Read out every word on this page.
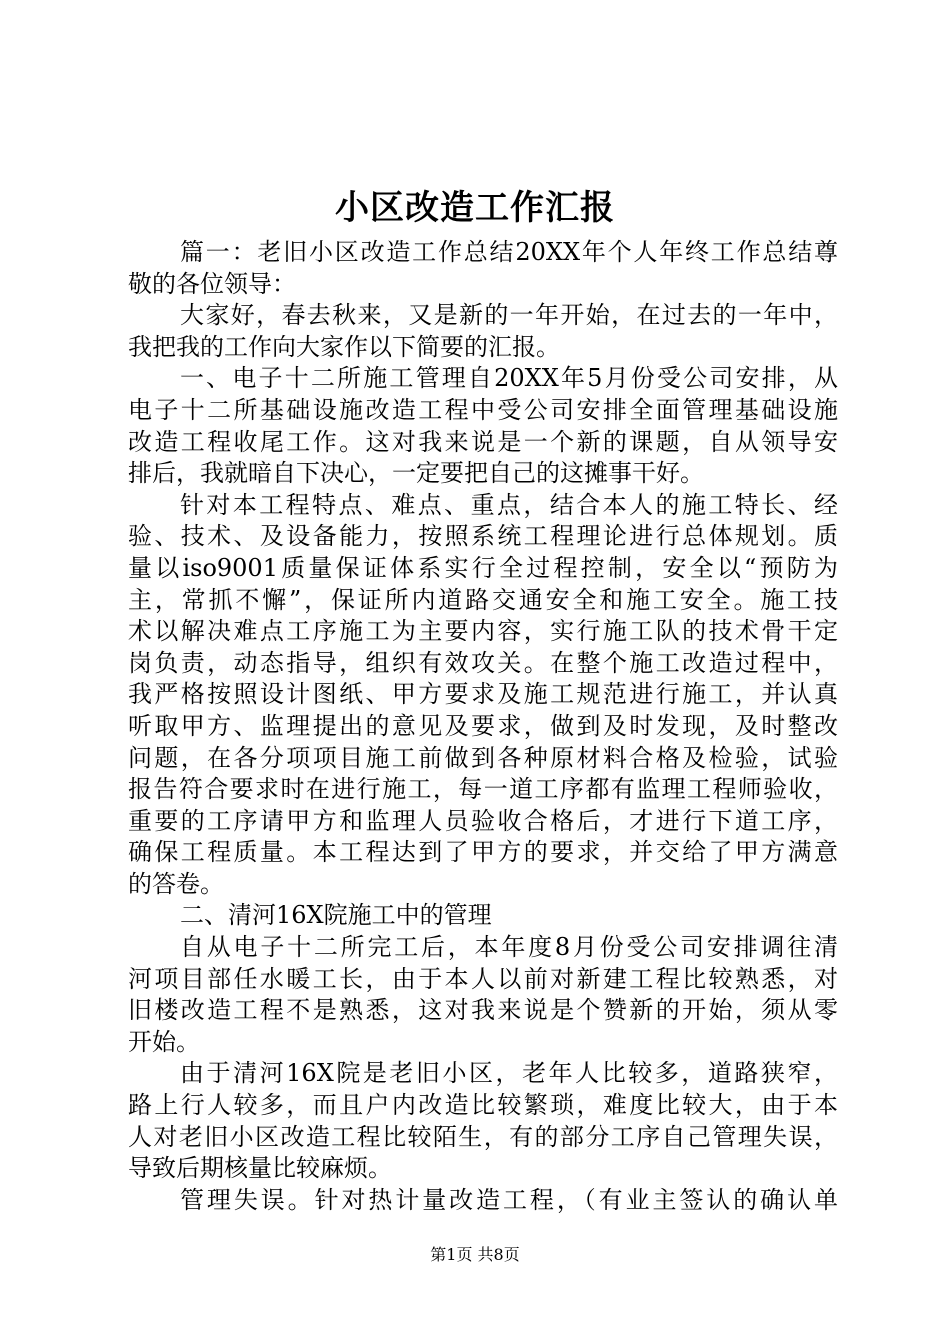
小区改造工作汇报
篇一：老旧小区改造工作总结20XX年个人年终工作总结尊
敬的各位领导：
大家好，春去秋来，又是新的一年开始，在过去的一年中，
我把我的工作向大家作以下简要的汇报。
一、电子十二所施工管理自20XX年5月份受公司安排，从
电子十二所基础设施改造工程中受公司安排全面管理基础设施
改造工程收尾工作。这对我来说是一个新的课题，自从领导安
排后，我就暗自下决心，一定要把自己的这摊事干好。
针对本工程特点、难点、重点，结合本人的施工特长、经
验、技术、及设备能力，按照系统工程理论进行总体规划。质
量以iso9001质量保证体系实行全过程控制，安全以“预防为
主，常抓不懈”，保证所内道路交通安全和施工安全。施工技
术以解决难点工序施工为主要内容，实行施工队的技术骨干定
岗负责，动态指导，组织有效攻关。在整个施工改造过程中，
我严格按照设计图纸、甲方要求及施工规范进行施工，并认真
听取甲方、监理提出的意见及要求，做到及时发现，及时整改
问题，在各分项项目施工前做到各种原材料合格及检验，试验
报告符合要求时在进行施工，每一道工序都有监理工程师验收，
重要的工序请甲方和监理人员验收合格后，才进行下道工序，
确保工程质量。本工程达到了甲方的要求，并交给了甲方满意
的答卷。
二、清河16X院施工中的管理
自从电子十二所完工后，本年度8月份受公司安排调往清
河项目部任水暖工长，由于本人以前对新建工程比较熟悉，对
旧楼改造工程不是熟悉，这对我来说是个赞新的开始，须从零
开始。
由于清河16X院是老旧小区，老年人比较多，道路狭窄，
路上行人较多，而且户内改造比较繁琐，难度比较大，由于本
人对老旧小区改造工程比较陌生，有的部分工序自己管理失误，
导致后期核量比较麻烦。
管理失误。针对热计量改造工程，（有业主签认的确认单
第1页 共8页
